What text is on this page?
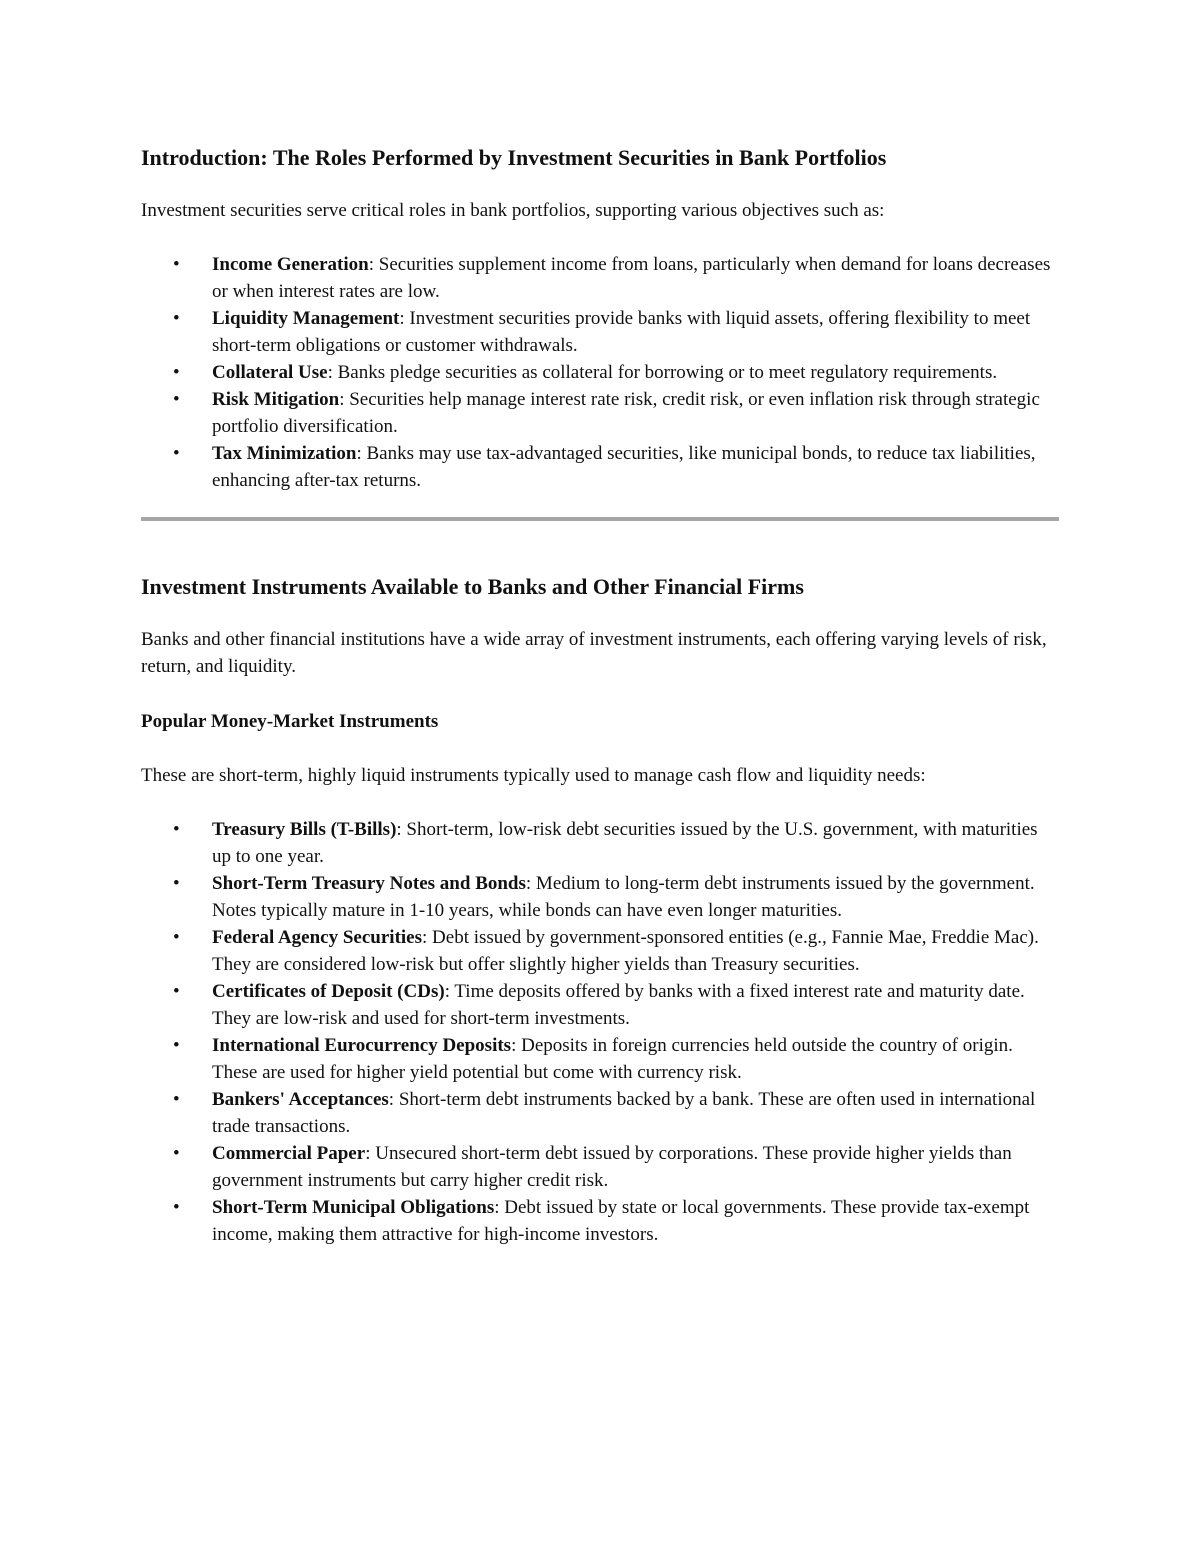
Introduction: The Roles Performed by Investment Securities in Bank Portfolios

Investment securities serve critical roles in bank portfolios, supporting various objectives such as:

• Income Generation: Securities supplement income from loans, particularly when demand for loans decreases or when interest rates are low.
• Liquidity Management: Investment securities provide banks with liquid assets, offering flexibility to meet short-term obligations or customer withdrawals.
• Collateral Use: Banks pledge securities as collateral for borrowing or to meet regulatory requirements.
• Risk Mitigation: Securities help manage interest rate risk, credit risk, or even inflation risk through strategic portfolio diversification.
• Tax Minimization: Banks may use tax-advantaged securities, like municipal bonds, to reduce tax liabilities, enhancing after-tax returns.
Investment Instruments Available to Banks and Other Financial Firms

Banks and other financial institutions have a wide array of investment instruments, each offering varying levels of risk, return, and liquidity.

Popular Money-Market Instruments

These are short-term, highly liquid instruments typically used to manage cash flow and liquidity needs:

• Treasury Bills (T-Bills): Short-term, low-risk debt securities issued by the U.S. government, with maturities up to one year.
• Short-Term Treasury Notes and Bonds: Medium to long-term debt instruments issued by the government. Notes typically mature in 1-10 years, while bonds can have even longer maturities.
• Federal Agency Securities: Debt issued by government-sponsored entities (e.g., Fannie Mae, Freddie Mac). They are considered low-risk but offer slightly higher yields than Treasury securities.
• Certificates of Deposit (CDs): Time deposits offered by banks with a fixed interest rate and maturity date. They are low-risk and used for short-term investments.
• International Eurocurrency Deposits: Deposits in foreign currencies held outside the country of origin. These are used for higher yield potential but come with currency risk.
• Bankers' Acceptances: Short-term debt instruments backed by a bank. These are often used in international trade transactions.
• Commercial Paper: Unsecured short-term debt issued by corporations. These provide higher yields than government instruments but carry higher credit risk.
• Short-Term Municipal Obligations: Debt issued by state or local governments. These provide tax-exempt income, making them attractive for high-income investors.
